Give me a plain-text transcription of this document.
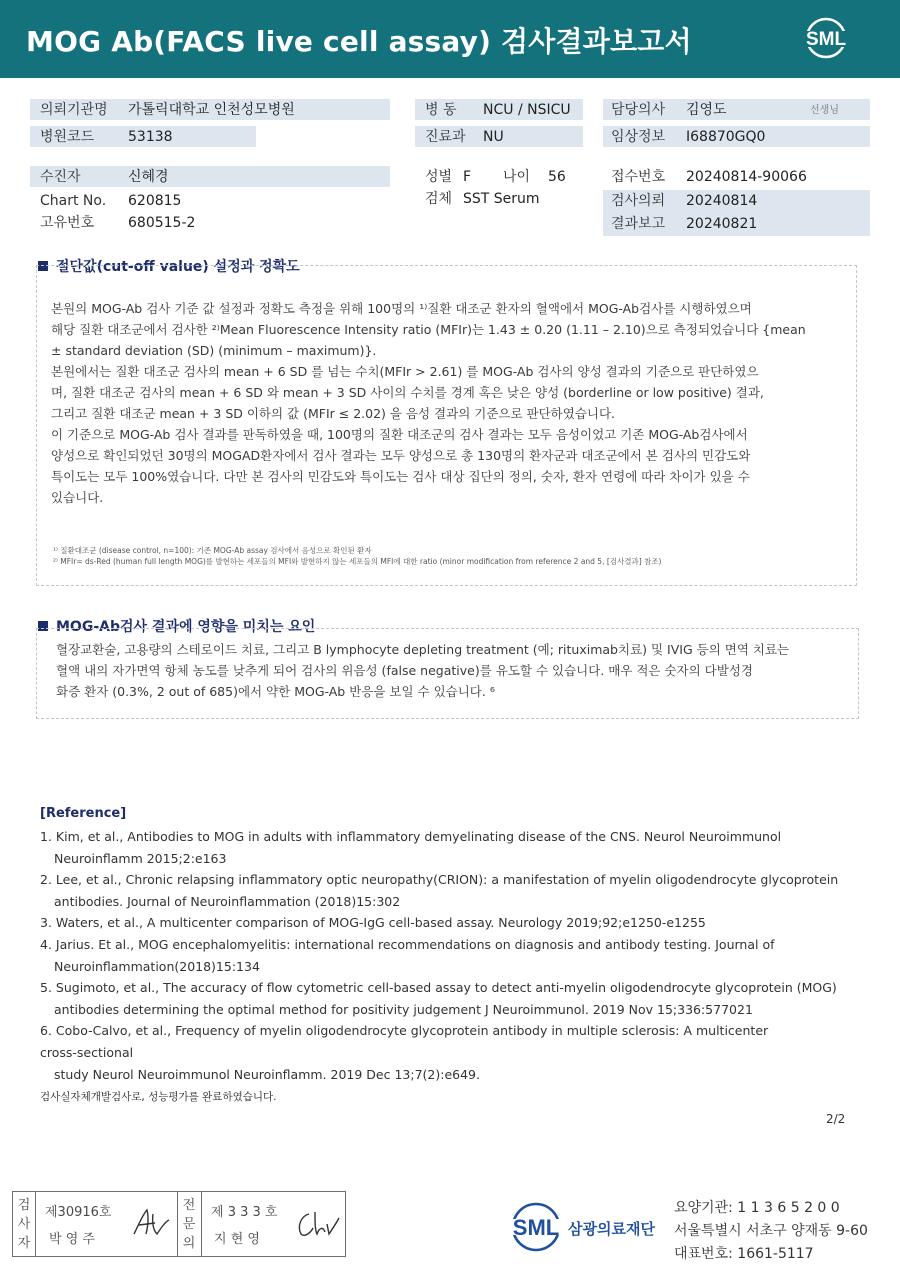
MOG Ab(FACS live cell assay) 검사결과보고서	SML
의뢰기관명 가톨릭대학교 인천성모병원
병원코드 53138
병 동 NCU / NSICU
진료과 NU
담당의사 김영도	선생님
임상정보 I68870GQ0
수진자	신혜경
Chart No. 620815
고유번호 680515-2
성별 F 나이 56
검체 SST Serum
접수번호 20240814-90066
검사의뢰 20240814
결과보고 20240821
절단값(cut-off value) 설정과 정확도

본원의 MOG-Ab 검사 기준 값 설정과 정확도 측정을 위해 100명의 ¹⁾질환 대조군 환자의 혈액에서 MOG-Ab검사를 시행하였으며

해당 질환 대조군에서 검사한 ²⁾Mean Fluorescence Intensity ratio (MFIr)는 1.43 ± 0.20 (1.11 – 2.10)으로 측정되었습니다 {mean

± standard deviation (SD) (minimum – maximum)}.

본원에서는 질환 대조군 검사의 mean + 6 SD 를 넘는 수치(MFIr > 2.61) 를 MOG-Ab 검사의 양성 결과의 기준으로 판단하였으

며, 질환 대조군 검사의 mean + 6 SD 와 mean + 3 SD 사이의 수치를 경계 혹은 낮은 양성 (borderline or low positive) 결과,

그리고 질환 대조군 mean + 3 SD 이하의 값 (MFIr ≤ 2.02) 을 음성 결과의 기준으로 판단하였습니다.

이 기준으로 MOG-Ab 검사 결과를 판독하였을 때, 100명의 질환 대조군의 검사 결과는 모두 음성이었고 기존 MOG-Ab검사에서

양성으로 확인되었던 30명의 MOGAD환자에서 검사 결과는 모두 양성으로 총 130명의 환자군과 대조군에서 본 검사의 민감도와

특이도는 모두 100%였습니다. 다만 본 검사의 민감도와 특이도는 검사 대상 집단의 정의, 숫자, 환자 연령에 따라 차이가 있을 수

있습니다.

¹⁾ 질환대조군 (disease control, n=100): 기존 MOG-Ab assay 검사에서 음성으로 확인된 환자

²⁾ MFIr= ds-Red (human full length MOG)를 발현하는 세포들의 MFI와 발현하지 않는 세포들의 MFI에 대한 ratio (minor modification from reference 2 and 5, [검사결과] 참조)

MOG-Ab검사 결과에 영향을 미치는 요인

혈장교환술, 고용량의 스테로이드 치료, 그리고 B lymphocyte depleting treatment (예; rituximab치료) 및 IVIG 등의 면역 치료는

혈액 내의 자가면역 항체 농도를 낮추게 되어 검사의 위음성 (false negative)를 유도할 수 있습니다. 매우 적은 숫자의 다발성경

화증 환자 (0.3%, 2 out of 685)에서 약한 MOG-Ab 반응을 보일 수 있습니다. ⁶

[Reference]

1. Kim, et al., Antibodies to MOG in adults with inflammatory demyelinating disease of the CNS. Neurol Neuroimmunol

Neuroinflamm 2015;2:e163

2. Lee, et al., Chronic relapsing inflammatory optic neuropathy(CRION): a manifestation of myelin oligodendrocyte glycoprotein

antibodies. Journal of Neuroinflammation (2018)15:302

3. Waters, et al., A multicenter comparison of MOG-IgG cell-based assay. Neurology 2019;92;e1250-e1255

4. Jarius. Et al., MOG encephalomyelitis: international recommendations on diagnosis and antibody testing. Journal of

Neuroinflammation(2018)15:134

5. Sugimoto, et al., The accuracy of flow cytometric cell-based assay to detect anti-myelin oligodendrocyte glycoprotein (MOG)

antibodies determining the optimal method for positivity judgement J Neuroimmunol. 2019 Nov 15;336:577021

6. Cobo-Calvo, et al., Frequency of myelin oligodendrocyte glycoprotein antibody in multiple sclerosis: A multicenter

cross-sectional

study Neurol Neuroimmunol Neuroinflamm. 2019 Dec 13;7(2):e649.

검사실자체개발검사로, 성능평가를 완료하였습니다.
2/2
검사자
제30916호
박 영 주
전문의
제 3 3 3 호
지 현 영	SML 삼광의료재단
요양기관: 1 1 3 6 5 2 0 0
서울특별시 서초구 양재동 9-60
대표번호: 1661-5117
